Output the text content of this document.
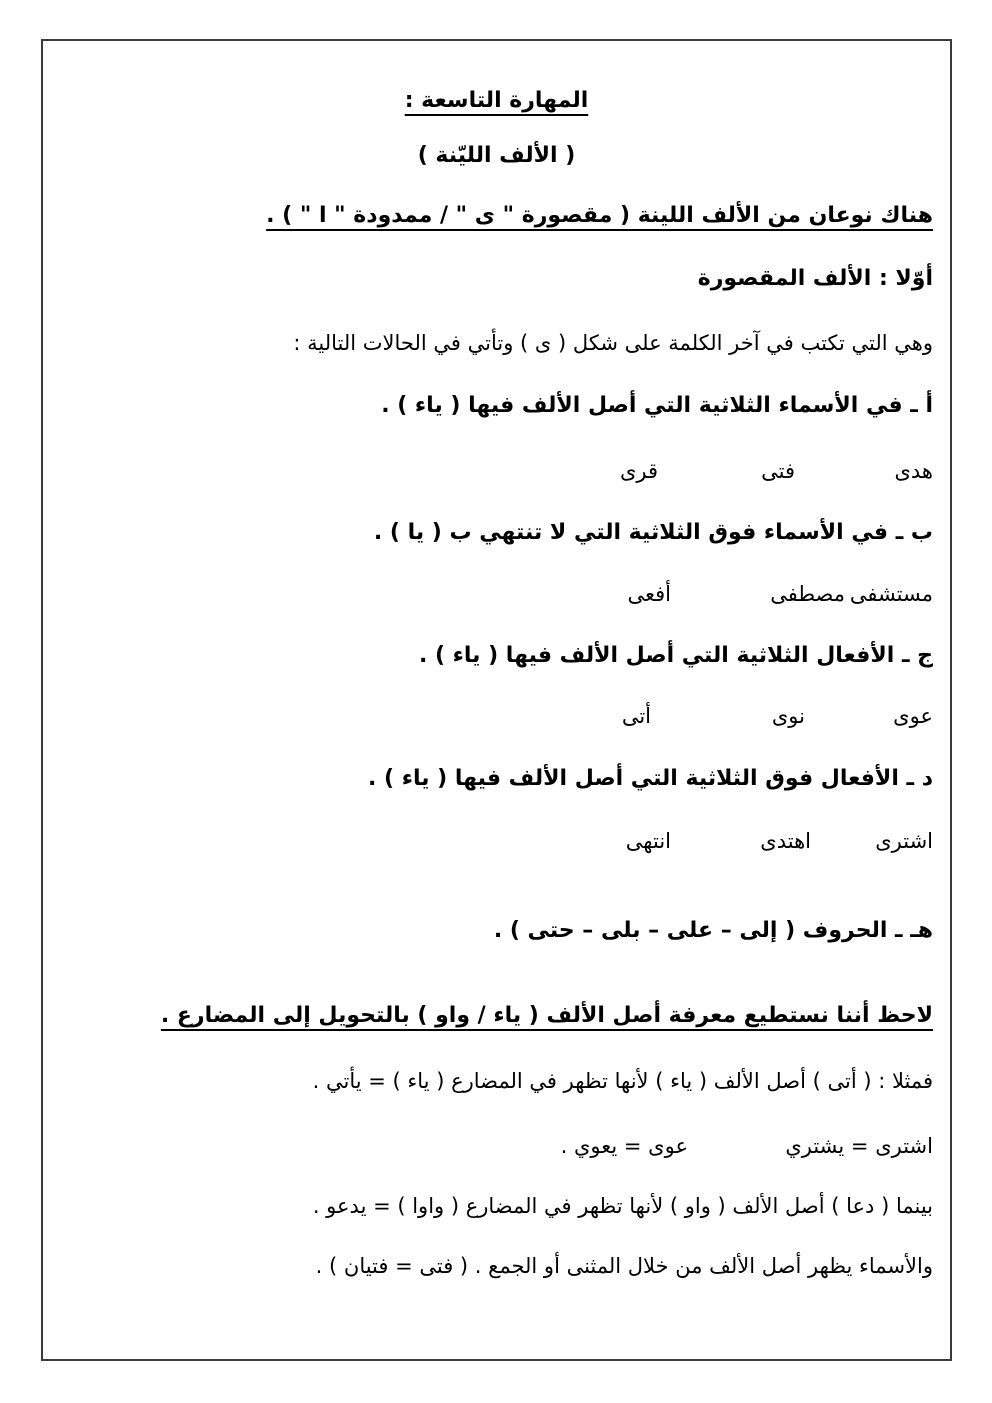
المهارة التاسعة :
( الألف الليّنة )
هناك نوعان من الألف اللينة ( مقصورة " ى " / ممدودة " ا " ) .
أوّلا : الألف المقصورة
وهي التي تكتب في آخر الكلمة على شكل ( ى ) وتأتي في الحالات التالية :
أ ـ في الأسماء الثلاثية التي أصل الألف فيها ( ياء ) .
هدى
فتى
قرى
ب ـ في الأسماء فوق الثلاثية التي لا تنتهي ب ( يا ) .
مستشفى
مصطفى
أفعى
ج ـ الأفعال الثلاثية التي أصل الألف فيها ( ياء ) .
عوى
نوى
أتى
د ـ الأفعال فوق الثلاثية التي أصل الألف فيها ( ياء ) .
اشترى
اهتدى
انتهى
هـ ـ الحروف ( إلى – على – بلى – حتى ) .
لاحظ أننا نستطيع معرفة أصل الألف ( ياء / واو ) بالتحويل إلى المضارع .
فمثلا : ( أتى ) أصل الألف ( ياء ) لأنها تظهر في المضارع ( ياء ) = يأتي .
اشترى = يشتري
عوى = يعوي .
بينما ( دعا ) أصل الألف ( واو ) لأنها تظهر في المضارع ( واوا ) = يدعو .
والأسماء يظهر أصل الألف من خلال المثنى أو الجمع . ( فتى = فتيان ) .
